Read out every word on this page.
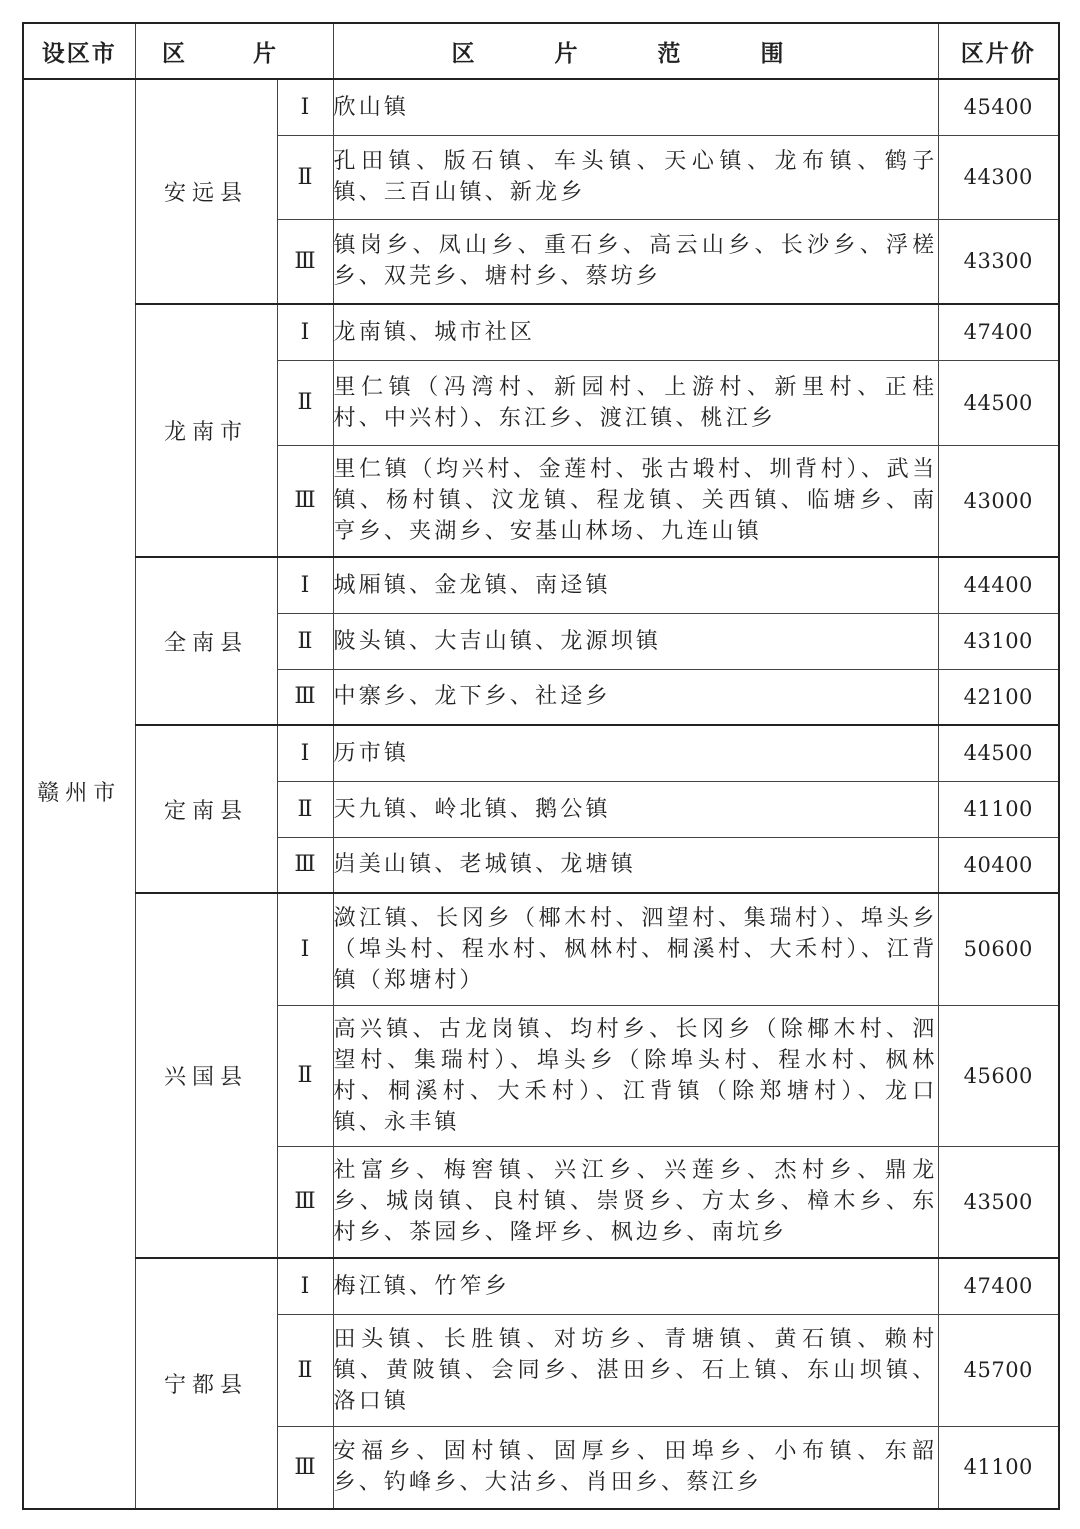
设区市	区 片		区 片 范 围	区片价
赣州市	安远县	Ⅰ	欣山镇	45400
		Ⅱ	孔田镇、版石镇、车头镇、天心镇、龙布镇、鹤子镇、三百山镇、新龙乡	44300
		Ⅲ	镇岗乡、凤山乡、重石乡、高云山乡、长沙乡、浮槎乡、双芫乡、塘村乡、蔡坊乡	43300
	龙南市	Ⅰ	龙南镇、城市社区	47400
		Ⅱ	里仁镇（冯湾村、新园村、上游村、新里村、正桂村、中兴村）、东江乡、渡江镇、桃江乡	44500
		Ⅲ	里仁镇（均兴村、金莲村、张古塅村、圳背村）、武当镇、杨村镇、汶龙镇、程龙镇、关西镇、临塘乡、南亨乡、夹湖乡、安基山林场、九连山镇	43000
	全南县	Ⅰ	城厢镇、金龙镇、南迳镇	44400
		Ⅱ	陂头镇、大吉山镇、龙源坝镇	43100
		Ⅲ	中寨乡、龙下乡、社迳乡	42100
	定南县	Ⅰ	历市镇	44500
		Ⅱ	天九镇、岭北镇、鹅公镇	41100
		Ⅲ	岿美山镇、老城镇、龙塘镇	40400
	兴国县	Ⅰ	潋江镇、长冈乡（椰木村、泗望村、集瑞村）、埠头乡（埠头村、程水村、枫林村、桐溪村、大禾村）、江背镇（郑塘村）	50600
		Ⅱ	高兴镇、古龙岗镇、均村乡、长冈乡（除椰木村、泗望村、集瑞村）、埠头乡（除埠头村、程水村、枫林村、桐溪村、大禾村）、江背镇（除郑塘村）、龙口镇、永丰镇	45600
		Ⅲ	社富乡、梅窖镇、兴江乡、兴莲乡、杰村乡、鼎龙乡、城岗镇、良村镇、崇贤乡、方太乡、樟木乡、东村乡、茶园乡、隆坪乡、枫边乡、南坑乡	43500
	宁都县	Ⅰ	梅江镇、竹笮乡	47400
		Ⅱ	田头镇、长胜镇、对坊乡、青塘镇、黄石镇、赖村镇、黄陂镇、会同乡、湛田乡、石上镇、东山坝镇、洛口镇	45700
		Ⅲ	安福乡、固村镇、固厚乡、田埠乡、小布镇、东韶乡、钓峰乡、大沽乡、肖田乡、蔡江乡	41100
